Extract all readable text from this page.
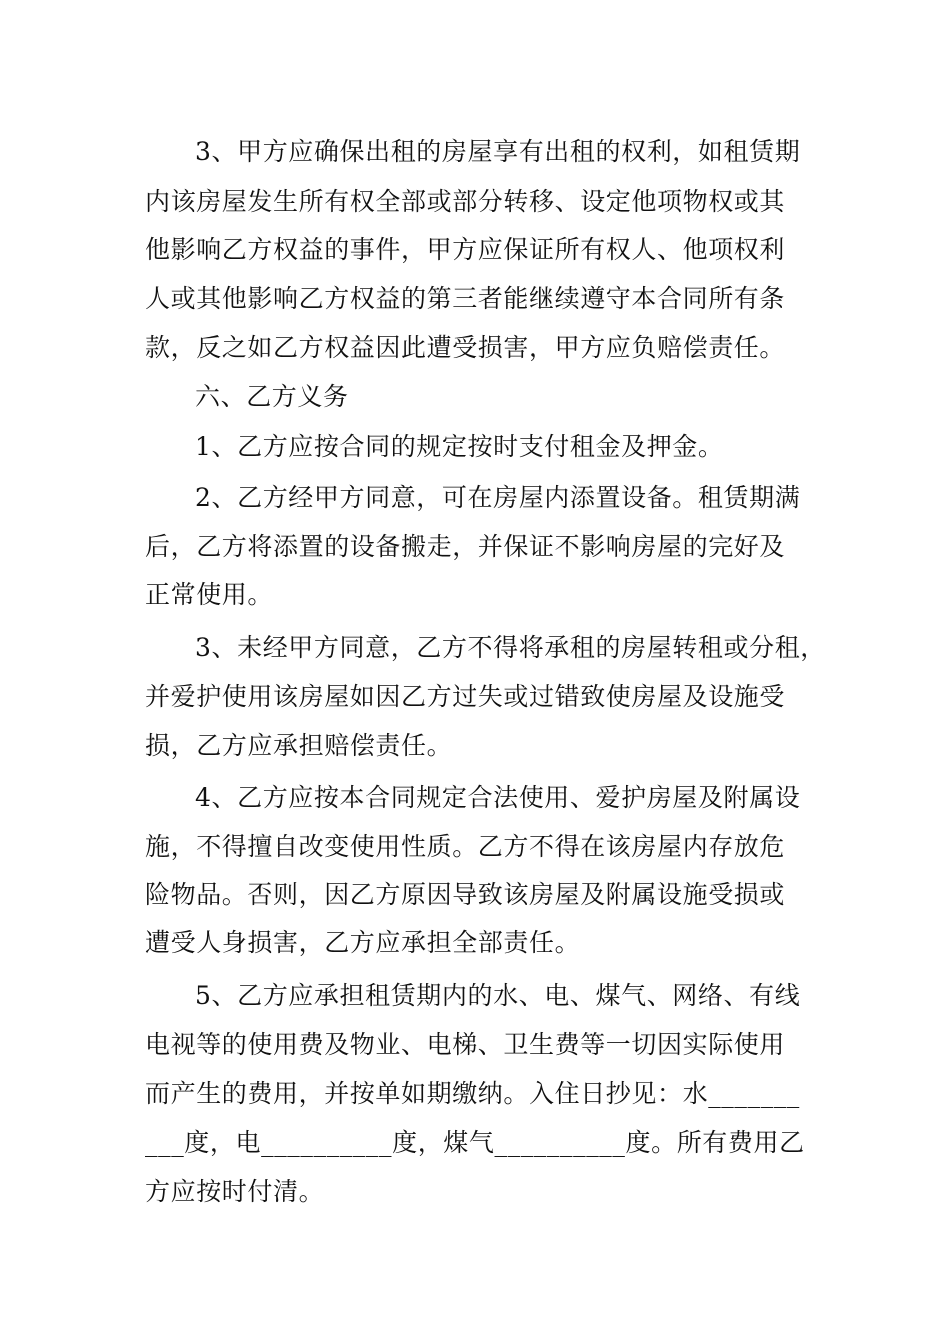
3、甲方应确保出租的房屋享有出租的权利，如租赁期
内该房屋发生所有权全部或部分转移、设定他项物权或其
他影响乙方权益的事件，甲方应保证所有权人、他项权利
人或其他影响乙方权益的第三者能继续遵守本合同所有条
款，反之如乙方权益因此遭受损害，甲方应负赔偿责任。
六、乙方义务
1、乙方应按合同的规定按时支付租金及押金。
2、乙方经甲方同意，可在房屋内添置设备。租赁期满
后，乙方将添置的设备搬走，并保证不影响房屋的完好及
正常使用。
3、未经甲方同意，乙方不得将承租的房屋转租或分租，
并爱护使用该房屋如因乙方过失或过错致使房屋及设施受
损，乙方应承担赔偿责任。
4、乙方应按本合同规定合法使用、爱护房屋及附属设
施，不得擅自改变使用性质。乙方不得在该房屋内存放危
险物品。否则，因乙方原因导致该房屋及附属设施受损或
遭受人身损害，乙方应承担全部责任。
5、乙方应承担租赁期内的水、电、煤气、网络、有线
电视等的使用费及物业、电梯、卫生费等一切因实际使用
而产生的费用，并按单如期缴纳。入住日抄见：水_______
___度，电__________度，煤气__________度。所有费用乙
方应按时付清。
